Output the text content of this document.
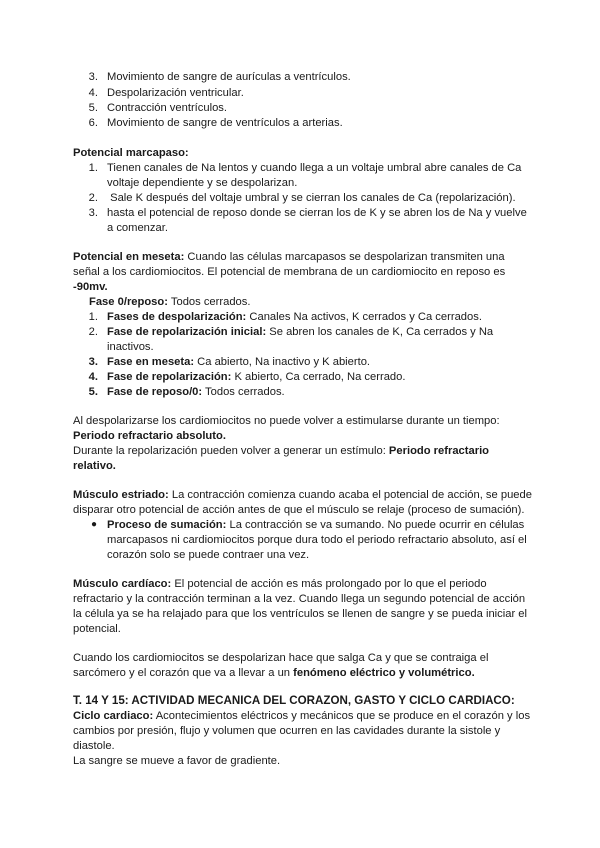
3. Movimiento de sangre de aurículas a ventrículos.
4. Despolarización ventricular.
5. Contracción ventrículos.
6. Movimiento de sangre de ventrículos a arterias.
Potencial marcapaso:
1. Tienen canales de Na lentos y cuando llega a un voltaje umbral abre canales de Ca
voltaje dependiente y se despolarizan.
2. Sale K después del voltaje umbral y se cierran los canales de Ca (repolarización).
3. hasta el potencial de reposo donde se cierran los de K y se abren los de Na y vuelve
a comenzar.
Potencial en meseta: Cuando las células marcapasos se despolarizan transmiten una
señal a los cardiomiocitos. El potencial de membrana de un cardiomiocito en reposo es
-90mv.
Fase 0/reposo: Todos cerrados.
1. Fases de despolarización: Canales Na activos, K cerrados y Ca cerrados.
2. Fase de repolarización inicial: Se abren los canales de K, Ca cerrados y Na
inactivos.
3. Fase en meseta: Ca abierto, Na inactivo y K abierto.
4. Fase de repolarización: K abierto, Ca cerrado, Na cerrado.
5. Fase de reposo/0: Todos cerrados.
Al despolarizarse los cardiomiocitos no puede volver a estimularse durante un tiempo:
Periodo refractario absoluto.
Durante la repolarización pueden volver a generar un estímulo: Periodo refractario
relativo.
Músculo estriado: La contracción comienza cuando acaba el potencial de acción, se puede
disparar otro potencial de acción antes de que el músculo se relaje (proceso de sumación).
● Proceso de sumación: La contracción se va sumando. No puede ocurrir en células
marcapasos ni cardiomiocitos porque dura todo el periodo refractario absoluto, así el
corazón solo se puede contraer una vez.
Músculo cardíaco: El potencial de acción es más prolongado por lo que el periodo
refractario y la contracción terminan a la vez. Cuando llega un segundo potencial de acción
la célula ya se ha relajado para que los ventrículos se llenen de sangre y se pueda iniciar el
potencial.
Cuando los cardiomiocitos se despolarizan hace que salga Ca y que se contraiga el
sarcómero y el corazón que va a llevar a un fenómeno eléctrico y volumétrico.
T. 14 Y 15: ACTIVIDAD MECANICA DEL CORAZON, GASTO Y CICLO CARDIACO:
Ciclo cardiaco: Acontecimientos eléctricos y mecánicos que se produce en el corazón y los
cambios por presión, flujo y volumen que ocurren en las cavidades durante la sistole y
diastole.
La sangre se mueve a favor de gradiente.
